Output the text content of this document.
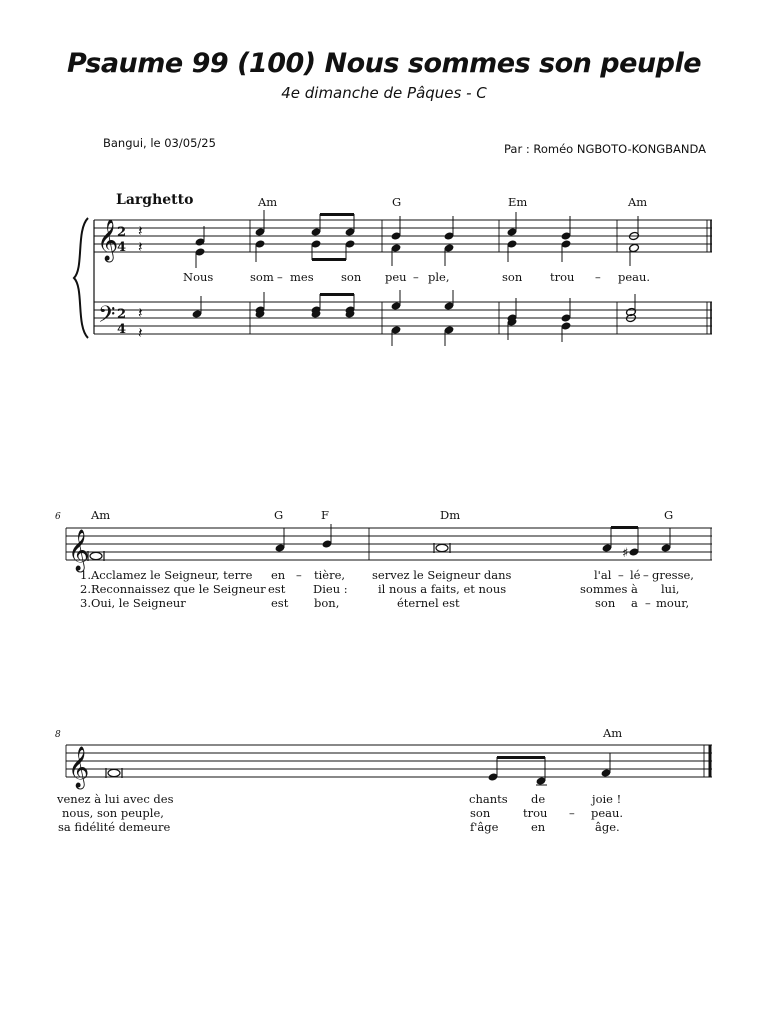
Psaume 99 (100) Nous sommes son peuple
4e dimanche de Pâques - C
Bangui, le 03/05/25	Par : Roméo NGBOTO-KONGBANDA
Larghetto	Am	G	Em	Am
Nous	som – mes son peu – ple,	son trou – peau.
6	Am	G	F	Dm	G
1.Acclamez le Seigneur, terre en – tière, servez le Seigneur dans	l'al – lé – gresse,
2.Reconnaissez que le Seigneur est Dieu :	il nous a faits, et nous	sommes à lui,
3.Oui, le Seigneur	est bon,	éternel est	son a – mour,
8	Am
venez à lui avec des	chants de	joie !
nous, son peuple,	son	trou – peau.
sa fidélité demeure	f'âge	en	âge.
𝄞
𝄢
𝄞
𝄞
2
4
2
4
𝄽
𝄽
𝄽
𝄽
♯
